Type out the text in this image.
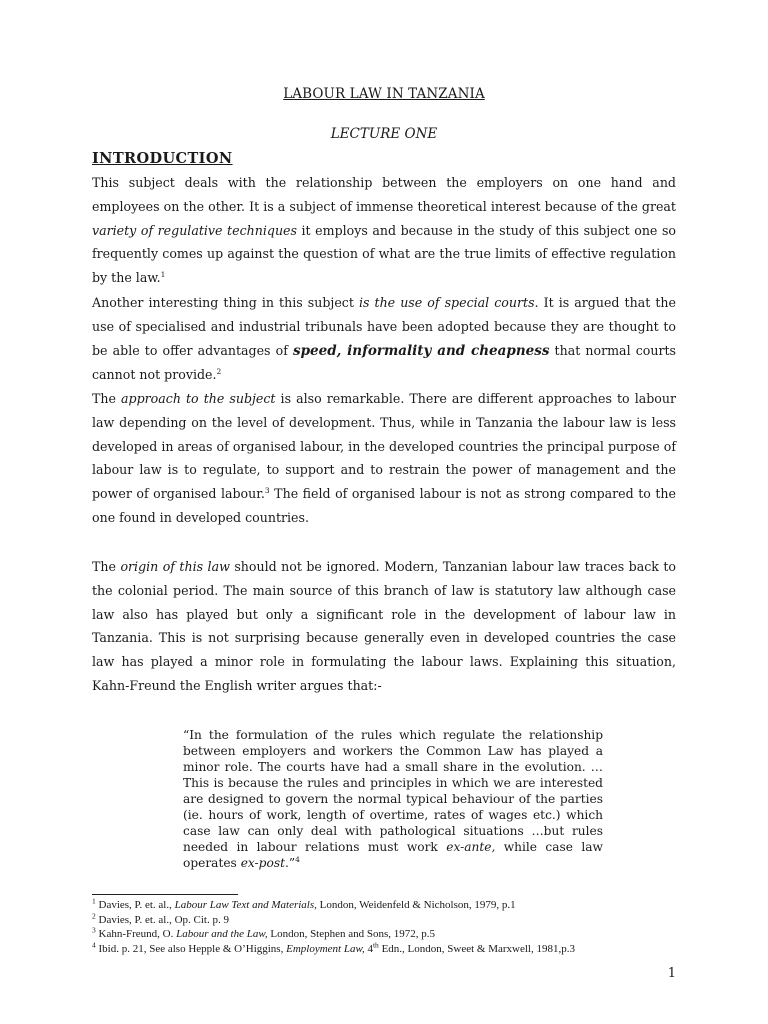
LABOUR LAW IN TANZANIA
LECTURE ONE
INTRODUCTION

This subject deals with the relationship between the employers on one hand and employees on the other. It is a subject of immense theoretical interest because of the great variety of regulative techniques it employs and because in the study of this subject one so frequently comes up against the question of what are the true limits of effective regulation by the law.$^1$

Another interesting thing in this subject is the use of special courts. It is argued that the use of specialised and industrial tribunals have been adopted because they are thought to be able to offer advantages of speed, informality and cheapness that normal courts cannot not provide.$^2$

The approach to the subject is also remarkable. There are different approaches to labour law depending on the level of development. Thus, while in Tanzania the labour law is less developed in areas of organised labour, in the developed countries the principal purpose of labour law is to regulate, to support and to restrain the power of management and the power of organised labour.$^3$ The field of organised labour is not as strong compared to the one found in developed countries.

The origin of this law should not be ignored. Modern, Tanzanian labour law traces back to the colonial period. The main source of this branch of law is statutory law although case law also has played but only a significant role in the development of labour law in Tanzania. This is not surprising because generally even in developed countries the case law has played a minor role in formulating the labour laws. Explaining this situation, Kahn-Freund the English writer argues that:-

“In the formulation of the rules which regulate the relationship between employers and workers the Common Law has played a minor role. The courts have had a small share in the evolution. … This is because the rules and principles in which we are interested are designed to govern the normal typical behaviour of the parties (ie. hours of work, length of overtime, rates of wages etc.) which case law can only deal with pathological situations …but rules needed in labour relations must work ex-ante, while case law operates ex-post.”$^4$

$^1$ Davies, P. et. al., Labour Law Text and Materials, London, Weidenfeld & Nicholson, 1979, p.1
$^2$ Davies, P. et. al., Op. Cit. p. 9
$^3$ Kahn-Freund, O. Labour and the Law, London, Stephen and Sons, 1972, p.5
$^4$ Ibid. p. 21, See also Hepple & O’Higgins, Employment Law, 4th Edn., London, Sweet & Marxwell, 1981,p.3
1
